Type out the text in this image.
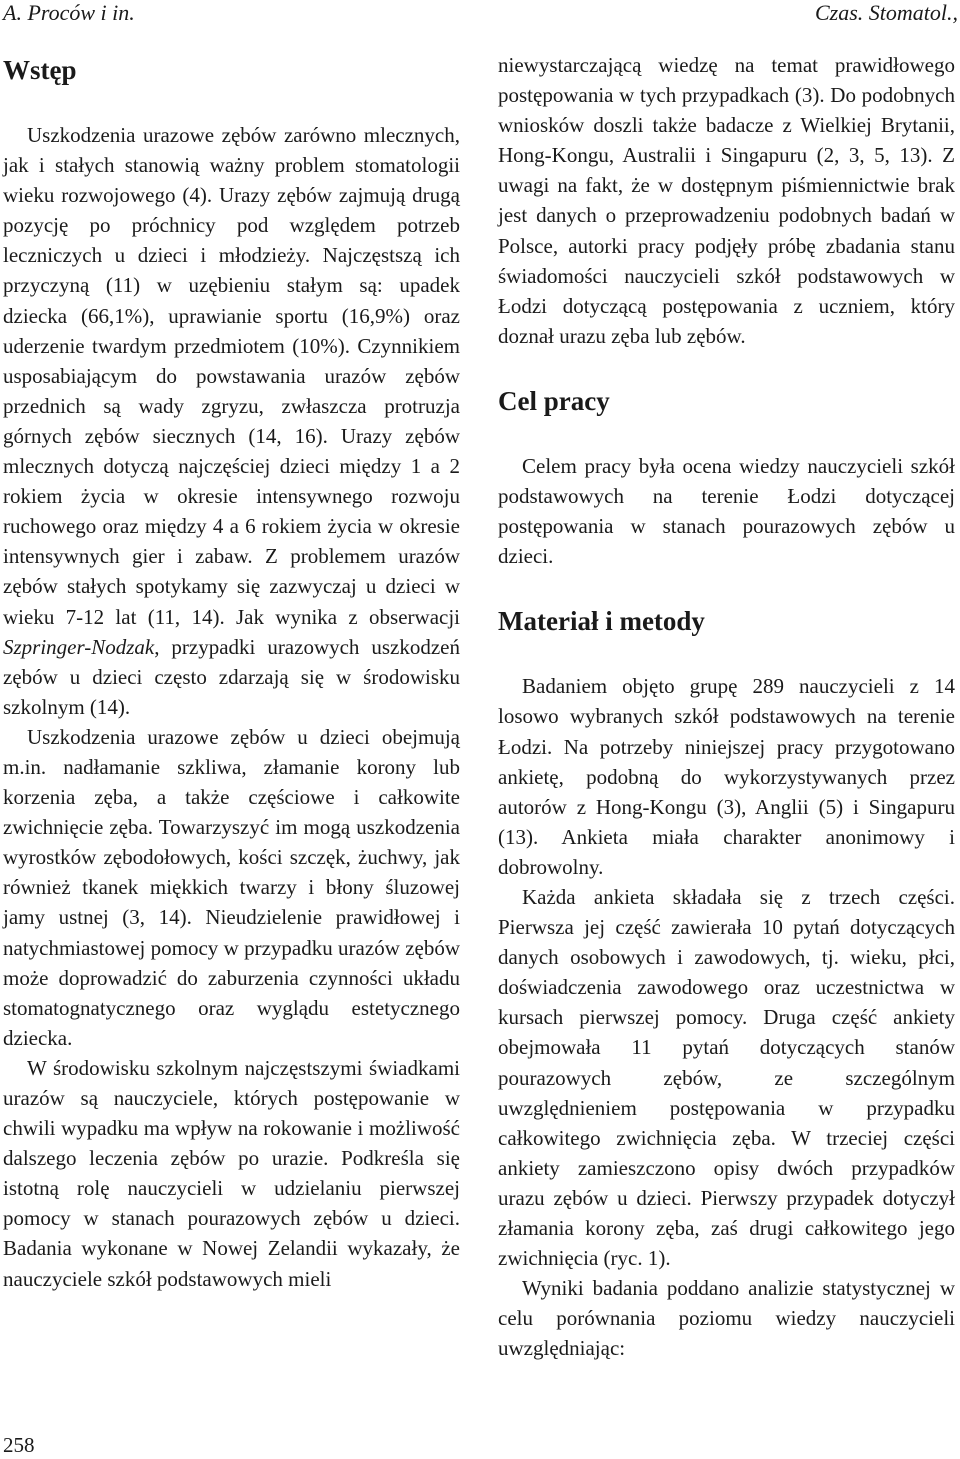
A. Proców i in.	Czas. Stomatol.,
Wstęp

Uszkodzenia urazowe zębów zarówno mlecznych, jak i stałych stanowią ważny problem stomatologii wieku rozwojowego (4). Urazy zębów zajmują drugą pozycję po próchnicy pod względem potrzeb leczniczych u dzieci i młodzieży. Najczęstszą ich przyczyną (11) w uzębieniu stałym są: upadek dziecka (66,1%), uprawianie sportu (16,9%) oraz uderzenie twardym przedmiotem (10%). Czynnikiem usposabiającym do powstawania urazów zębów przednich są wady zgryzu, zwłaszcza protruzja górnych zębów siecznych (14, 16). Urazy zębów mlecznych dotyczą najczęściej dzieci między 1 a 2 rokiem życia w okresie intensywnego rozwoju ruchowego oraz między 4 a 6 rokiem życia w okresie intensywnych gier i zabaw. Z problemem urazów zębów stałych spotykamy się zazwyczaj u dzieci w wieku 7-12 lat (11, 14). Jak wynika z obserwacji Szpringer-Nodzak, przypadki urazowych uszkodzeń zębów u dzieci często zdarzają się w środowisku szkolnym (14).

Uszkodzenia urazowe zębów u dzieci obejmują m.in. nadłamanie szkliwa, złamanie korony lub korzenia zęba, a także częściowe i całkowite zwichnięcie zęba. Towarzyszyć im mogą uszkodzenia wyrostków zębodołowych, kości szczęk, żuchwy, jak również tkanek miękkich twarzy i błony śluzowej jamy ustnej (3, 14). Nieudzielenie prawidłowej i natychmiastowej pomocy w przypadku urazów zębów może doprowadzić do zaburzenia czynności układu stomatognatycznego oraz wyglądu estetycznego dziecka.

W środowisku szkolnym najczęstszymi świadkami urazów są nauczyciele, których postępowanie w chwili wypadku ma wpływ na rokowanie i możliwość dalszego leczenia zębów po urazie. Podkreśla się istotną rolę nauczycieli w udzielaniu pierwszej pomocy w stanach pourazowych zębów u dzieci. Badania wykonane w Nowej Zelandii wykazały, że nauczyciele szkół podstawowych mieli

niewystarczającą wiedzę na temat prawidłowego postępowania w tych przypadkach (3). Do podobnych wniosków doszli także badacze z Wielkiej Brytanii, Hong-Kongu, Australii i Singapuru (2, 3, 5, 13). Z uwagi na fakt, że w dostępnym piśmiennictwie brak jest danych o przeprowadzeniu podobnych badań w Polsce, autorki pracy podjęły próbę zbadania stanu świadomości nauczycieli szkół podstawowych w Łodzi dotyczącą postępowania z uczniem, który doznał urazu zęba lub zębów.

Cel pracy

Celem pracy była ocena wiedzy nauczycieli szkół podstawowych na terenie Łodzi dotyczącej postępowania w stanach pourazowych zębów u dzieci.

Materiał i metody

Badaniem objęto grupę 289 nauczycieli z 14 losowo wybranych szkół podstawowych na terenie Łodzi. Na potrzeby niniejszej pracy przygotowano ankietę, podobną do wykorzystywanych przez autorów z Hong-Kongu (3), Anglii (5) i Singapuru (13). Ankieta miała charakter anonimowy i dobrowolny.

Każda ankieta składała się z trzech części. Pierwsza jej część zawierała 10 pytań dotyczących danych osobowych i zawodowych, tj. wieku, płci, doświadczenia zawodowego oraz uczestnictwa w kursach pierwszej pomocy. Druga część ankiety obejmowała 11 pytań dotyczących stanów pourazowych zębów, ze szczególnym uwzględnieniem postępowania w przypadku całkowitego zwichnięcia zęba. W trzeciej części ankiety zamieszczono opisy dwóch przypadków urazu zębów u dzieci. Pierwszy przypadek dotyczył złamania korony zęba, zaś drugi całkowitego jego zwichnięcia (ryc. 1).

Wyniki badania poddano analizie statystycznej w celu porównania poziomu wiedzy nauczycieli uwzględniając:

258
